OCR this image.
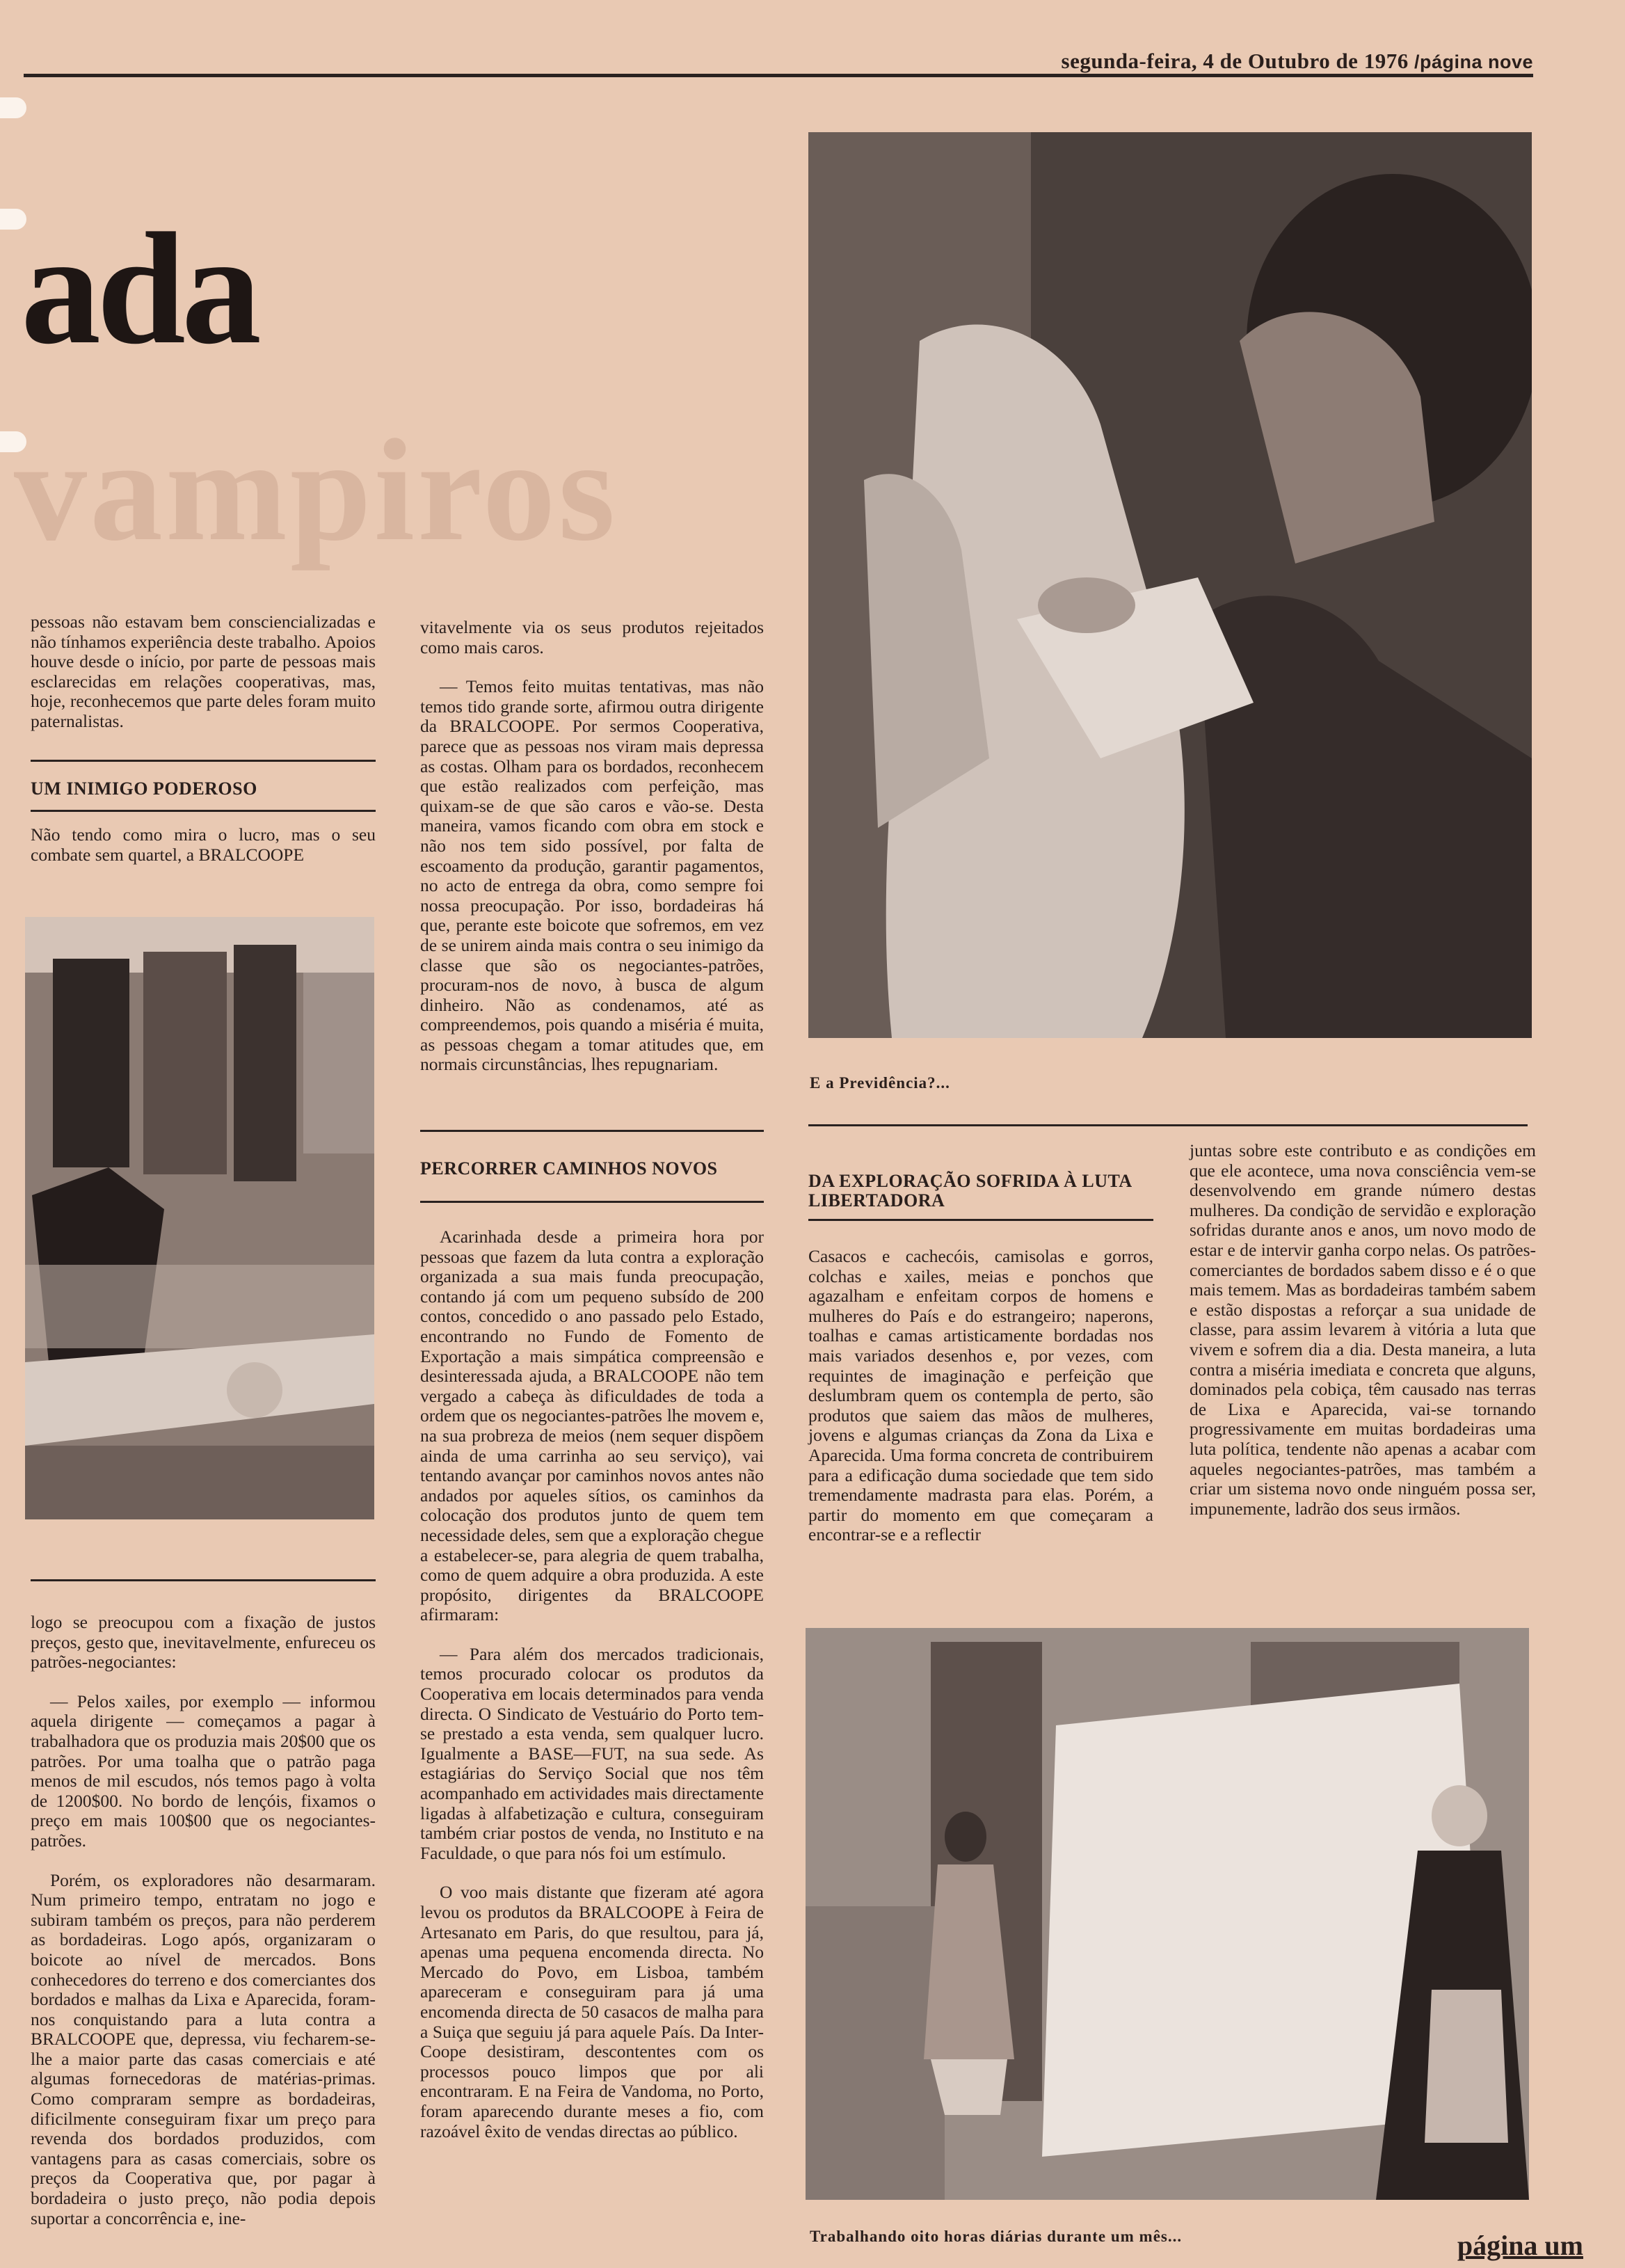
segunda-feira, 4 de Outubro de 1976 /página nove
vampiros
ada

pessoas não estavam bem consciencializadas e não tínhamos experiência deste trabalho. Apoios houve desde o início, por parte de pessoas mais esclarecidas em relações cooperativas, mas, hoje, reconhecemos que parte deles foram muito paternalistas.

UM INIMIGO PODEROSO

Não tendo como mira o lucro, mas o seu combate sem quartel, a BRALCOOPE

logo se preocupou com a fixação de justos preços, gesto que, inevitavelmente, enfureceu os patrões-negociantes:

— Pelos xailes, por exemplo — informou aquela dirigente — começamos a pagar à trabalhadora que os produzia mais 20$00 que os patrões. Por uma toalha que o patrão paga menos de mil escudos, nós temos pago à volta de 1200$00. No bordo de lençóis, fixamos o preço em mais 100$00 que os negociantes-patrões.

Porém, os exploradores não desarmaram. Num primeiro tempo, entratam no jogo e subiram também os preços, para não perderem as bordadeiras. Logo após, organizaram o boicote ao nível de mercados. Bons conhecedores do terreno e dos comerciantes dos bordados e malhas da Lixa e Aparecida, foram-nos conquistando para a luta contra a BRALCOOPE que, depressa, viu fecharem-se-lhe a maior parte das casas comerciais e até algumas fornecedoras de matérias-primas. Como compraram sempre as bordadeiras, dificilmente conseguiram fixar um preço para revenda dos bordados produzidos, com vantagens para as casas comerciais, sobre os preços da Cooperativa que, por pagar à bordadeira o justo preço, não podia depois suportar a concorrência e, ine-

vitavelmente via os seus produtos rejeitados como mais caros.

— Temos feito muitas tentativas, mas não temos tido grande sorte, afirmou outra dirigente da BRALCOOPE. Por sermos Cooperativa, parece que as pessoas nos viram mais depressa as costas. Olham para os bordados, reconhecem que estão realizados com perfeição, mas quixam-se de que são caros e vão-se. Desta maneira, vamos ficando com obra em stock e não nos tem sido possível, por falta de escoamento da produção, garantir pagamentos, no acto de entrega da obra, como sempre foi nossa preocupação. Por isso, bordadeiras há que, perante este boicote que sofremos, em vez de se unirem ainda mais contra o seu inimigo da classe que são os negociantes-patrões, procuram-nos de novo, à busca de algum dinheiro. Não as condenamos, até as compreendemos, pois quando a miséria é muita, as pessoas chegam a tomar atitudes que, em normais circunstâncias, lhes repugnariam.

PERCORRER CAMINHOS NOVOS

Acarinhada desde a primeira hora por pessoas que fazem da luta contra a exploração organizada a sua mais funda preocupação, contando já com um pequeno subsído de 200 contos, concedido o ano passado pelo Estado, encontrando no Fundo de Fomento de Exportação a mais simpática compreensão e desinteressada ajuda, a BRALCOOPE não tem vergado a cabeça às dificuldades de toda a ordem que os negociantes-patrões lhe movem e, na sua probreza de meios (nem sequer dispõem ainda de uma carrinha ao seu serviço), vai tentando avançar por caminhos novos antes não andados por aqueles sítios, os caminhos da colocação dos produtos junto de quem tem necessidade deles, sem que a exploração chegue a estabelecer-se, para alegria de quem trabalha, como de quem adquire a obra produzida. A este propósito, dirigentes da BRALCOOPE afirmaram:

— Para além dos mercados tradicionais, temos procurado colocar os produtos da Cooperativa em locais determinados para venda directa. O Sindicato de Vestuário do Porto tem-se prestado a esta venda, sem qualquer lucro. Igualmente a BASE—FUT, na sua sede. As estagiárias do Serviço Social que nos têm acompanhado em actividades mais directamente ligadas à alfabetização e cultura, conseguiram também criar postos de venda, no Instituto e na Faculdade, o que para nós foi um estímulo.

O voo mais distante que fizeram até agora levou os produtos da BRALCOOPE à Feira de Artesanato em Paris, do que resultou, para já, apenas uma pequena encomenda directa. No Mercado do Povo, em Lisboa, também apareceram e conseguiram para já uma encomenda directa de 50 casacos de malha para a Suiça que seguiu já para aquele País. Da Inter-Coope desistiram, descontentes com os processos pouco limpos que por ali encontraram. E na Feira de Vandoma, no Porto, foram aparecendo durante meses a fio, com razoável êxito de vendas directas ao público.

E a Previdência?...
DA EXPLORAÇÃO SOFRIDA À LUTA LIBERTADORA

Casacos e cachecóis, camisolas e gorros, colchas e xailes, meias e ponchos que agazalham e enfeitam corpos de homens e mulheres do País e do estrangeiro; naperons, toalhas e camas artisticamente bordadas nos mais variados desenhos e, por vezes, com requintes de imaginação e perfeição que deslumbram quem os contempla de perto, são produtos que saiem das mãos de mulheres, jovens e algumas crianças da Zona da Lixa e Aparecida. Uma forma concreta de contribuirem para a edificação duma sociedade que tem sido tremendamente madrasta para elas. Porém, a partir do momento em que começaram a encontrar-se e a reflectir

juntas sobre este contributo e as condições em que ele acontece, uma nova consciência vem-se desenvolvendo em grande número destas mulheres. Da condição de servidão e exploração sofridas durante anos e anos, um novo modo de estar e de intervir ganha corpo nelas. Os patrões-comerciantes de bordados sabem disso e é o que mais temem. Mas as bordadeiras também sabem e estão dispostas a reforçar a sua unidade de classe, para assim levarem à vitória a luta que vivem e sofrem dia a dia. Desta maneira, a luta contra a miséria imediata e concreta que alguns, dominados pela cobiça, têm causado nas terras de Lixa e Aparecida, vai-se tornando progressivamente em muitas bordadeiras uma luta política, tendente não apenas a acabar com aqueles negociantes-patrões, mas também a criar um sistema novo onde ninguém possa ser, impunemente, ladrão dos seus irmãos.

Trabalhando oito horas diárias durante um mês...	página um
